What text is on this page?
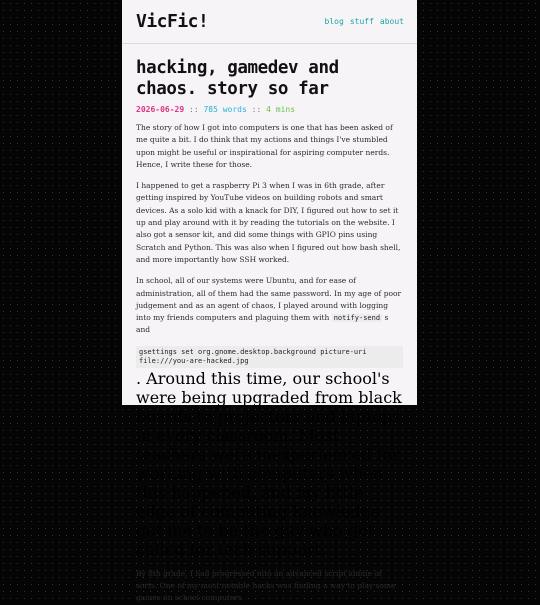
VicFic!	blog stuff about
hacking, gamedev and chaos. story so far
2026-06-29 :: 785 words :: 4 mins

The story of how I got into computers is one that has been asked of me quite a bit. I do think that my actions and things I've stumbled upon might be useful or inspirational for aspiring computer nerds. Hence, I write these for those.

I happened to get a raspberry Pi 3 when I was in 6th grade, after getting inspired by YouTube videos on building robots and smart devices. As a solo kid with a knack for DIY, I figured out how to set it up and play around with it by reading the tutorials on the website. I also got a sensor kit, and did some things with GPIO pins using Scratch and Python. This was also when I figured out how bash shell, and more importantly how SSH worked.

In school, all of our systems were Ubuntu, and for ease of administration, all of them had the same password. In my age of poor judgement and as an agent of chaos, I played around with logging into my friends computers and plaguing them with notify-send s and

gsettings set org.gnome.desktop.background picture-uri file:///you-are-hacked.jpg
. Around this time, our school's were being upgraded from black boards to projectors and laptops in every classroom. Most teachers were inexperienced for working with computers when this happened, and my little edge of computing knowledge got me to be the guy who got called for tech support.

By 8th grade, I had progressed into an advanced script kiddie of sorts. One of my most notable hacks was finding a way to play some games on school computers
